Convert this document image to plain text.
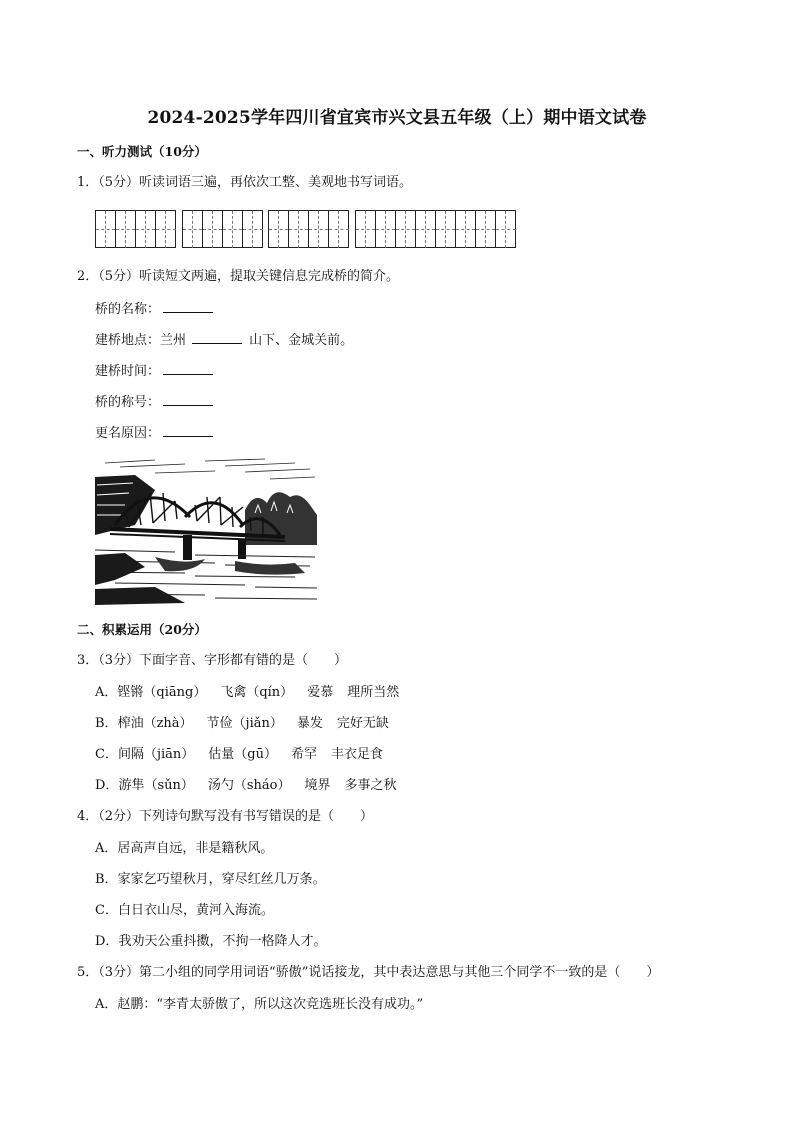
2024-2025学年四川省宜宾市兴文县五年级（上）期中语文试卷
一、听力测试（10分）
1．（5分）听读词语三遍，再依次工整、美观地书写词语。
2．（5分）听读短文两遍，提取关键信息完成桥的简介。
桥的名称：
建桥地点：兰州	山下、金城关前。
建桥时间：
桥的称号：
更名原因：
二、积累运用（20分）
3．（3分）下面字音、字形都有错的是（　　）
A．铿锵（qiāng） 飞禽（qín） 爱慕 理所当然
B．榨油（zhà） 节俭（jiǎn） 暴发 完好无缺
C．间隔（jiān） 估量（gū） 希罕 丰衣足食
D．游隼（sǔn） 汤勺（sháo） 境界 多事之秋
4．（2分）下列诗句默写没有书写错误的是（　　）
A．居高声自远，非是籍秋风。
B．家家乞巧望秋月，穿尽红丝几万条。
C．白日衣山尽，黄河入海流。
D．我劝天公重抖擞，不拘一格降人才。
5．（3分）第二小组的同学用词语“骄傲”说话接龙，其中表达意思与其他三个同学不一致的是（　　）
A．赵鹏：“李青太骄傲了，所以这次竞选班长没有成功。”
